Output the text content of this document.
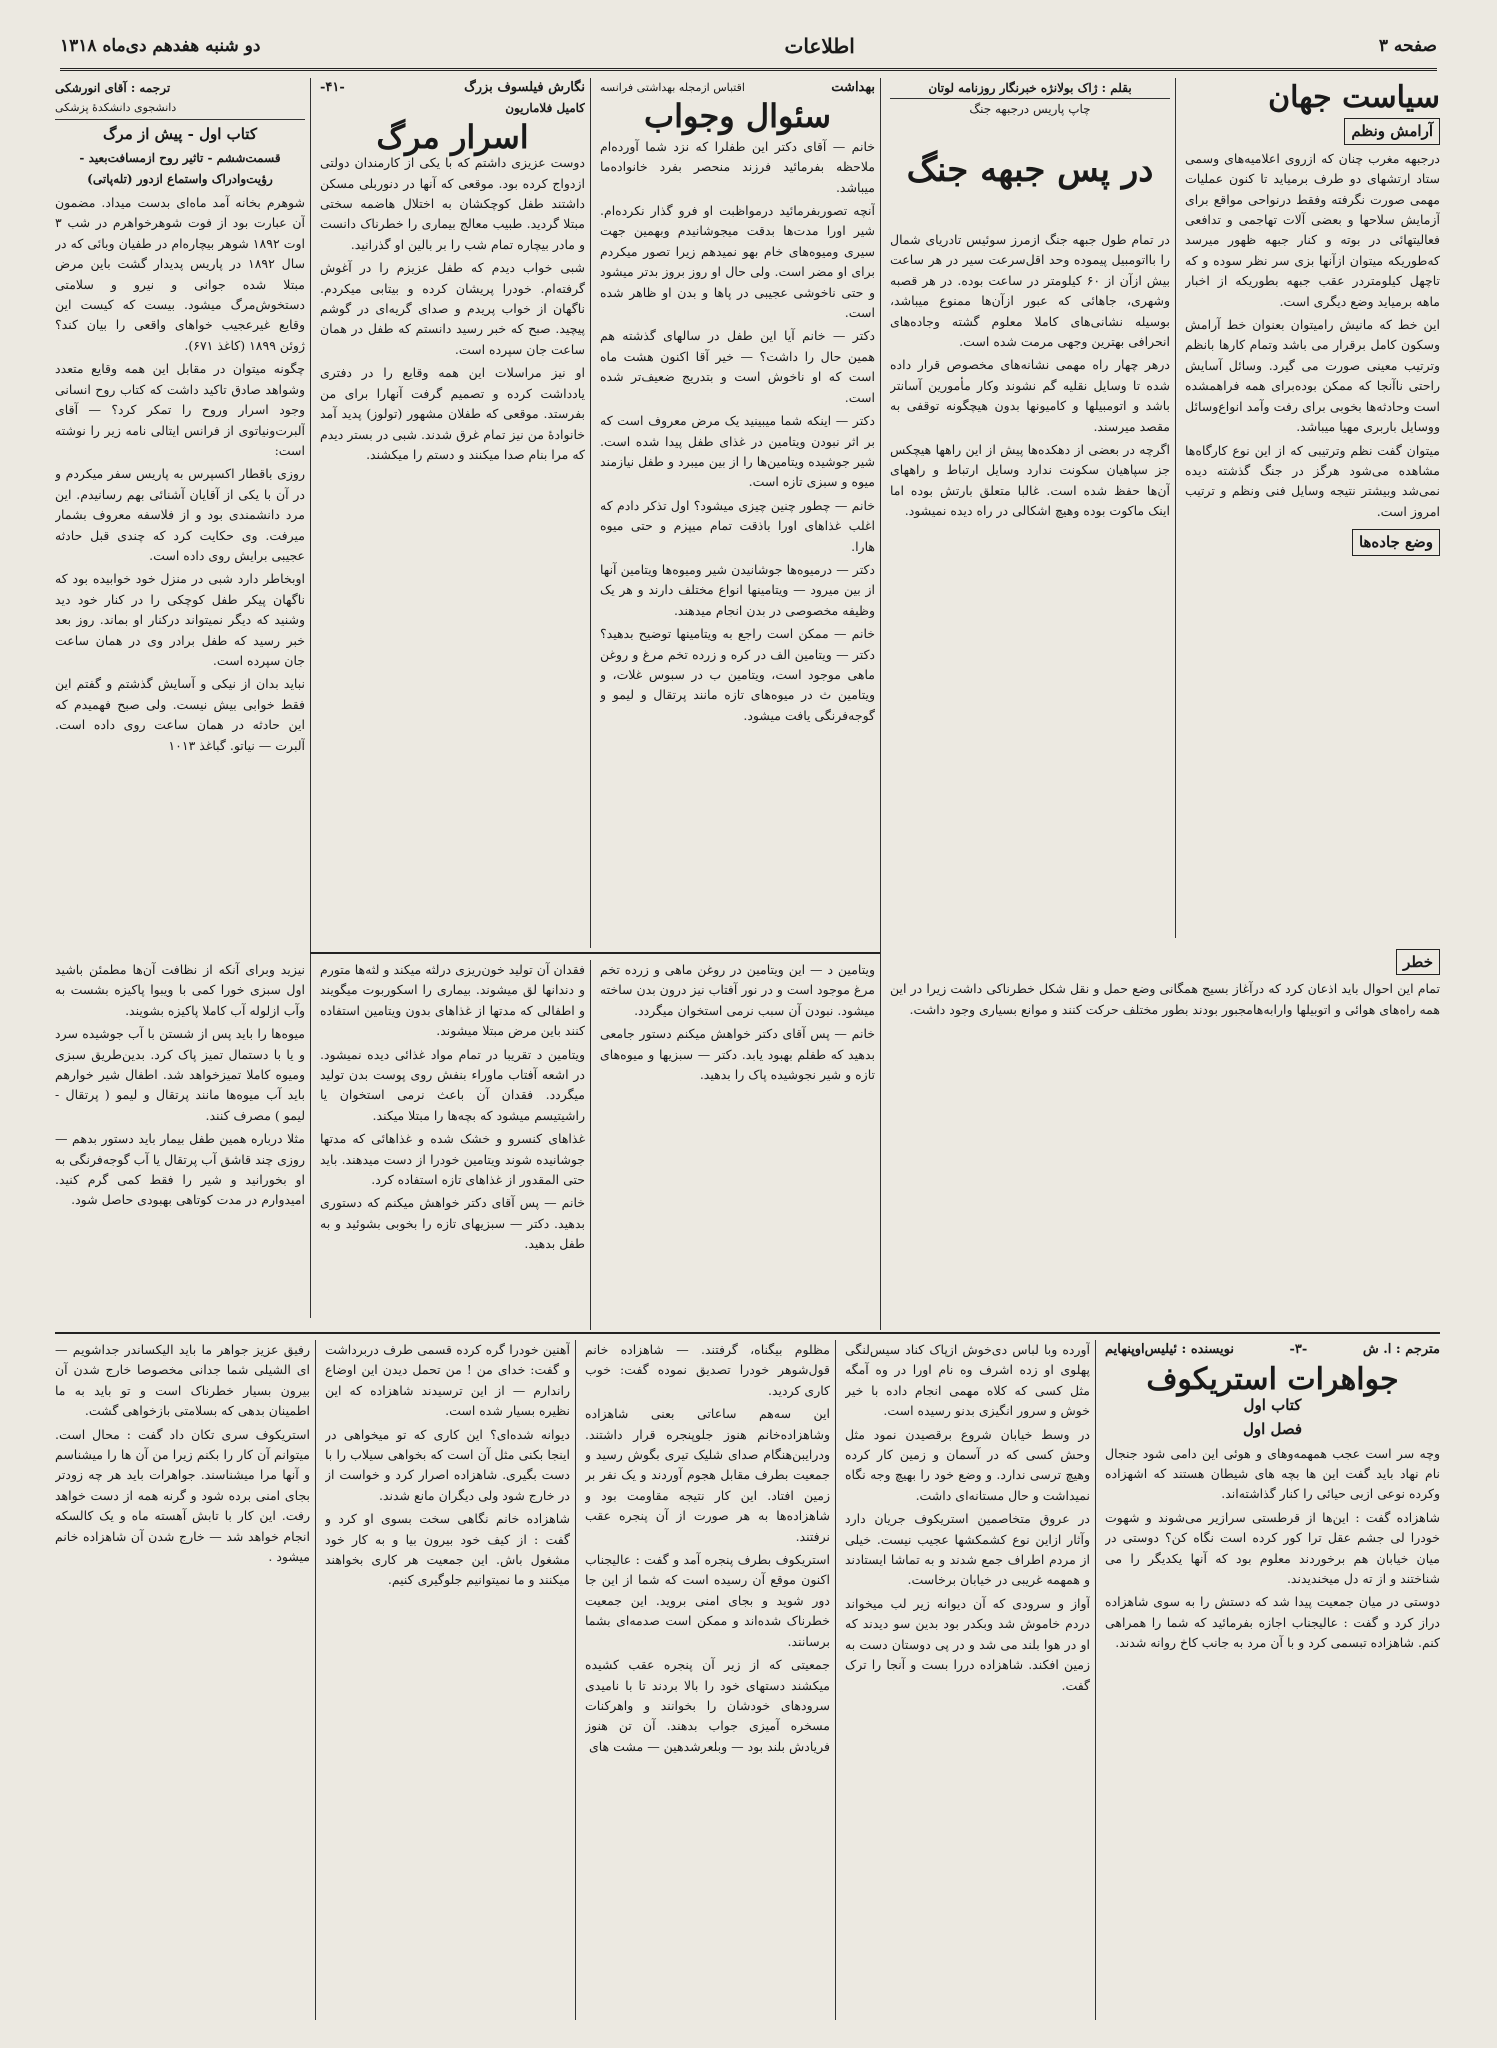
صفحه ۳
اطلاعات
دو شنبه هفدهم دی‌ماه ۱۳۱۸
سیاست جهان
آرامش ونظم

درجبهه مغرب چنان که ازروی اعلامیه‌های وسمی ستاد ارتشهای دو طرف برمیاید تا کنون عملیات مهمی صورت نگرفته وفقط درنواحی مواقع برای آزمایش سلاحها و بعضی آلات تهاجمی و تدافعی فعالیتهائی در بوته و کنار جبهه ظهور میرسد که‌طوریکه‌ میتوان ازآنها بزی سر نظر سوده و که تاچهل کیلومتردر عقب جبهه بطوریکه از اخبار ماهه برمیاید وضع دیگری است.

این خط که مانیش رامیتوان بعنوان خط آرامش وسکون کامل برقرار می باشد وتمام کارها بانظم وترتیب معینی صورت می گیرد. وسائل آسایش راحتی ناآنجا که ممکن بوده‌برای همه فراهمشده است وحادثه‌ها بخوبی برای رفت وآمد انواع‌وسائل ووسایل باربری مهیا میباشد.

میتوان گفت نظم وترتیبی که از این نوع کارگاه‌ها مشاهده می‌شود هرگز در جنگ گذشته دیده نمی‌شد وبیشتر نتیجه وسایل فنی ونظم و ترتیب امروز است.

وضع جاده‌ها
بقلم : ژاک بولانژه خبرنگار روزنامه لوتان
چاپ پاریس درجبهه جنگ
در پس جبهه جنگ

در تمام طول جبهه جنگ ازمرز سوئیس تادریای شمال را بااتومبیل پیموده وحد اقل‌سرعت سیر در هر ساعت بیش ازآن از ۶۰ کیلومتر در ساعت بوده. در هر قصبه وشهری، جاهائی که عبور ازآن‌ها ممنوع میباشد، بوسیله نشانی‌های کاملا معلوم گشته وجاده‌های انحرافی بهترین وجهی مرمت شده است.

درهر چهار راه مهمی نشانه‌های مخصوص قرار داده شده تا وسایل نقلیه گم نشوند وکار مأمورین آسانتر باشد و اتومبیلها و کامیونها بدون هیچگونه توقفی به مقصد میرسند.

اگرچه در بعضی از دهکده‌ها پیش از این راهها هیچکس جز سپاهیان سکونت ندارد وسایل ارتباط و راههای آن‌ها حفظ شده است. غالبا متعلق بارتش بوده اما اینک ماکوت بوده وهیچ اشکالی در راه دیده نمیشود.

خطر

تمام این احوال باید اذعان کرد که درآغاز بسیج همگانی وضع حمل و نقل شکل خطرناکی داشت زیرا در این همه راه‌های هوائی و اتوبیلها وارابه‌هامجبور بودند بطور مختلف حرکت کنند و موانع بسیاری وجود داشت.

بهداشت
اقتباس ازمجله بهداشتی فرانسه
سئوال‌ وجواب

خانم — آقای دکتر این طفلرا که نزد شما آورده‌ام ملاحظه بفرمائید فرزند منحصر بفرد خانواده‌ما میباشد.

آنچه تصوربفرمائید درمواظبت او فرو گذار نکرده‌ام. شیر اورا مدت‌ها بدقت میجوشانیدم وبهمین جهت سیری ومیوه‌های خام بهو نمیدهم زیرا تصور میکردم برای او مضر است. ولی حال او روز بروز بدتر میشود و حتی ناخوشی عجیبی در پاها و بدن او ظاهر شده است.

دکتر — خانم آیا این طفل در سالهای گذشته هم همین حال را داشت؟ — خیر آقا اکنون هشت ماه است که او ناخوش است و بتدریج ضعیف‌تر شده است.

دکتر — اینکه شما میبینید یک مرض معروف است که بر اثر نبودن ویتامین در غذای طفل پیدا شده است. شیر جوشیده ویتامین‌ها را از بین میبرد و طفل نیازمند میوه و سبزی تازه است.

خانم — چطور چنین چیزی میشود؟ اول تذکر دادم که اغلب غذاهای اورا باذقت تمام میپزم و حتی میوه هارا.

دکتر — درمیوه‌ها جوشانیدن شیر ومیوه‌ها ویتامین آنها از بین میرود — ویتامینها انواع مختلف دارند و هر یک وظیفه مخصوصی در بدن انجام میدهند.

خانم — ممکن است راجع به ویتامینها توضیح بدهید؟ دکتر — ویتامین الف در کره و زرده تخم مرغ و روغن ماهی موجود است، ویتامین ب در سبوس غلات، و ویتامین ث در میوه‌های تازه مانند پرتقال و لیمو و گوجه‌فرنگی یافت میشود.

ویتامین د — این ویتامین در روغن ماهی و زرده تخم مرغ موجود است و در نور آفتاب نیز درون بدن ساخته میشود. نبودن آن سبب نرمی استخوان میگردد.

خانم — پس آقای دکتر خواهش میکنم دستور جامعی بدهید که طفلم بهبود یابد. دکتر — سبزیها و میوه‌های تازه و شیر نجوشیده پاک را بدهید.

فقدان آن تولید خون‌ریزی درلثه میکند و لثه‌ها متورم و دندانها لق میشوند. بیماری را اسکوربوت میگویند و اطفالی که مدتها از غذاهای بدون ویتامین استفاده کنند باین مرض مبتلا میشوند.

ویتامین د تقریبا در تمام مواد غذائی دیده نمیشود. در اشعه آفتاب ماوراء بنفش روی پوست بدن تولید میگردد. فقدان آن باعث نرمی استخوان یا راشیتیسم میشود که بچه‌ها را مبتلا میکند.

غذاهای کنسرو و خشک شده و غذاهائی که مدتها جوشانیده شوند ویتامین خودرا از دست میدهند. باید حتی المقدور از غذاهای تازه استفاده کرد.

خانم — پس آقای دکتر خواهش میکنم که دستوری بدهید. دکتر — سبزیهای تازه را بخوبی بشوئید و به طفل بدهید.

نیزید وبرای آنکه از نظافت آن‌ها مطمئن باشید اول سبزی خورا کمی با ویبوا پاکیزه بشست به وآب ازلوله آب کاملا پاکیزه بشویند.

میوه‌ها را باید پس از شستن با آب جوشیده سرد و یا با دستمال تمیز پاک کرد. بدین‌طریق سبزی ومیوه کاملا تمیزخواهد شد. اطفال شیر خوارهم باید آب میوه‌ها مانند پرتقال و لیمو ( پرتقال - لیمو ) مصرف کنند.

مثلا درباره همین طفل بیمار باید دستور بدهم — روزی چند قاشق آب پرتقال یا آب گوجه‌فرنگی به او بخورانید و شیر را فقط کمی گرم کنید. امیدوارم در مدت کوتاهی بهبودی حاصل شود.

نگارش فیلسوف بزرگ
-۴۱-
کامیل فلاماریون
اسرار مرگ

دوست عزیزی داشتم که با یکی از کارمندان دولتی ازدواج کرده بود. موقعی که آنها در دنوربلی مسکن داشتند طفل کوچکشان به اختلال هاضمه سختی مبتلا گردید. طبیب معالج بیماری را خطرناک دانست و مادر بیچاره تمام شب را بر بالین او گذرانید.

شبی خواب دیدم که طفل عزیزم را در آغوش گرفته‌ام. خودرا پریشان کرده و بیتابی میکردم. ناگهان از خواب پریدم و صدای گریه‌ای در گوشم پیچید. صبح که خبر رسید دانستم که طفل در همان ساعت جان سپرده است.

او نیز مراسلات این همه وقایع را در دفتری یادداشت کرده و تصمیم گرفت آنهارا برای من بفرستد. موقعی که طفلان مشهور (تولوز) پدید آمد خانوادهٔ من نیز تمام غرق شدند. شبی در بستر دیدم که مرا بنام صدا میکنند و دستم را میکشند.

ترجمه : آقای انورشکی
دانشجوی دانشکدهٔ پزشکی
کتاب اول - پیش از مرگ
قسمت‌ششم - تاثیر روح ازمسافت‌بعید - رؤیت‌وادراک واستماع ازدور (تله‌پاتی)

شوهرم بخانه آمد ماه‌ای بدست میداد. مضمون آن عبارت بود از فوت شوهرخواهرم در شب ۳ اوت ۱۸۹۲ شوهر بیچاره‌ام در طفیان وبائی که در سال ۱۸۹۲ در پاریس پدیدار گشت باین مرض مبتلا شده جوانی و نیرو و سلامتی دستخوش‌مرگ میشود. بیست که کیست این وقایع غیرعجیب خواهای واقعی را بیان کند؟ ژوئن ۱۸۹۹ (کاغذ ۶۷۱).

چگونه میتوان در مقابل این همه وقایع متعدد وشواهد صادق تاکید داشت که کتاب روح انسانی وجود اسرار وروح را تمکر کرد؟ — آقای آلبرت‌ونیاتوی از فرانس ایتالی نامه زیر را نوشته است:

روزی باقطار اکسپرس به پاریس سفر میکردم و در آن با یکی از آقایان آشنائی بهم رسانیدم. این مرد دانشمندی بود و از فلاسفه معروف بشمار میرفت. وی حکایت کرد که چندی قبل حادثه عجیبی برایش روی داده است.

اوبخاطر دارد شبی در منزل خود خوابیده بود که ناگهان پیکر طفل کوچکی را در کنار خود دید وشنید که دیگر نمیتواند درکنار او بماند. روز بعد خبر رسید که طفل برادر وی در همان ساعت جان سپرده است.

نباید بدان از نیکی و آسایش گذشتم و گفتم این فقط خوابی بیش نیست. ولی صبح فهمیدم که این حادثه در همان ساعت روی داده است. آلبرت — نیاتو. گباغذ ۱۰۱۳

مترجم : ا. ش
-۳-
نویسنده : ئیلیس‌اوپنهایم
جواهرات استریکوف
کتاب اول
فصل اول

وچه سر است عجب همهمه‌وهای و هوئی این دامی شود جنجال نام نهاد باید گفت این ها بچه های شیطان هستند که اشهزاده وکرده نوعی ازبی حیائی را کنار گذاشته‌اند.

شاهزاده گفت : این‌ها از قرطستی سرازیر می‌شوند و شهوت خودرا لی جشم عقل ترا کور کرده است نگاه کن؟ دوستی در میان خیابان هم برخوردند معلوم بود که آنها یکدیگر را می شناختند و از ته دل میخندیدند.

دوستی در میان جمعیت پیدا شد که دستش را به سوی شاهزاده دراز کرد و گفت : عالیجناب اجازه بفرمائید که شما را همراهی کنم. شاهزاده تبسمی کرد و با آن مرد به جانب کاخ روانه شدند.

آورده وبا لباس دی‌خوش ازپاک کناد سیس‌لنگی پهلوی او زده اشرف وه نام اورا در وه آمگه مثل کسی که کلاه مهمی انجام داده با خیر خوش و سرور انگیزی بدنو رسیده است.

در وسط خیابان شروع برقصیدن نمود مثل وحش کسی که در آسمان و زمین کار کرده وهیچ ترسی ندارد. و وضع خود را بهیچ وجه نگاه نمیداشت و حال مستانه‌ای داشت.

در عروق متخاصمین استریکوف جریان دارد وآثار ازاین نوع کشمکشها عجیب نیست. خیلی از مردم اطراف جمع شدند و به تماشا ایستادند و همهمه غریبی در خیابان برخاست.

آواز و سرودی که آن دیوانه زیر لب میخواند دردم خاموش شد وبکدر بود بدین سو دیدند که او در هوا بلند می شد و در پی دوستان دست به زمین افکند. شاهزاده دررا بست و آنجا را ترک گفت.

مظلوم بیگناه، گرفتند. — شاهزاده خانم قول‌شوهر خودرا تصدیق نموده گفت: خوب کاری کردید.

این سه‌هم ساعاتی بعنی شاهزاده وشاهزاده‌خانم هنوز جلوپنجره قرار داشتند. ودرایبن‌هنگام صدای شلیک تیری بگوش رسید و جمعیت بطرف مقابل هجوم آوردند و یک نفر بر زمین افتاد. این کار نتیجه مقاومت بود و شاهزاده‌ها به هر صورت از آن پنجره عقب نرفتند.

استریکوف بطرف پنجره آمد و گفت : عالیجناب اکنون موقع آن رسیده است که شما از این جا دور شوید و بجای امنی بروید. این جمعیت خطرناک شده‌اند و ممکن است صدمه‌ای بشما برسانند.

جمعیتی که از زیر آن پنجره عقب کشیده میکشند دستهای خود را بالا بردند تا با نامیدی سرودهای خودشان را بخوانند و واهرکنات مسخره آمیزی جواب بدهند. آن تن هنوز فریادش بلند بود — وبلعرشدهین — مشت های

آهنین خودرا گره کرده قسمی طرف دربرداشت و گفت: خدای من ! من تحمل دیدن این اوضاع راندارم — از این ترسیدند شاهزاده که این نظیره بسیار شده است.

دیوانه شده‌ای؟ این کاری که تو میخواهی در اینجا بکنی مثل آن است که بخواهی سیلاب را با دست بگیری. شاهزاده اصرار کرد و خواست از در خارج شود ولی دیگران مانع شدند.

شاهزاده خانم نگاهی سخت بسوی او کرد و گفت : از کیف خود بیرون بیا و به کار خود مشغول باش. این جمعیت هر کاری بخواهند میکنند و ما نمیتوانیم جلوگیری کنیم.

رفیق عزیز جواهر ما باید الیکساندر جداشویم — ای الشیلی شما جدانی مخصوصا خارج شدن آن بیرون بسیار خطرناک است و تو باید به ما اطمینان بدهی که بسلامتی بازخواهی گشت.

استریکوف سری تکان داد گفت : محال است. میتوانم آن کار را بکنم زیرا من آن ها را میشناسم و آنها مرا میشناسند. جواهرات باید هر چه زودتر بجای امنی برده شود و گرنه همه از دست خواهد رفت. این کار با تابش آهسته ماه و یک کالسکه انجام خواهد شد — خارج شدن آن شاهزاده خانم میشود .
